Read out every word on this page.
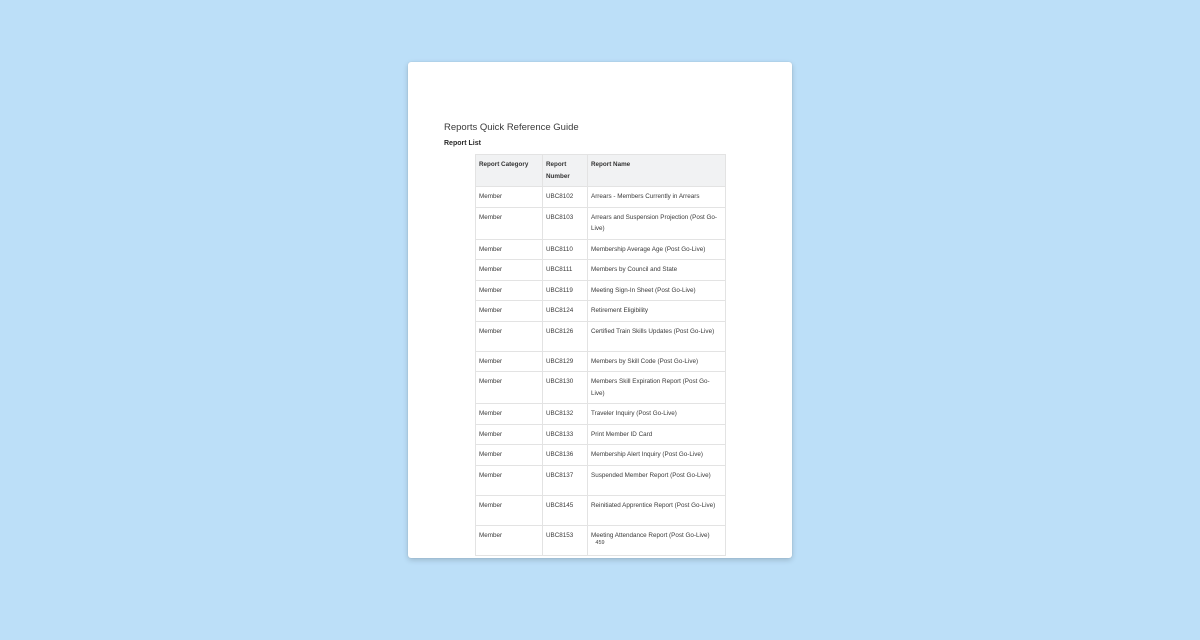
Reports Quick Reference Guide
Report List
Report Category	Report Number	Report Name
Member	UBC8102	Arrears - Members Currently in Arrears
Member	UBC8103	Arrears and Suspension Projection (Post Go-Live)
Member	UBC8110	Membership Average Age (Post Go-Live)
Member	UBC8111	Members by Council and State
Member	UBC8119	Meeting Sign-In Sheet (Post Go-Live)
Member	UBC8124	Retirement Eligibility
Member	UBC8126	Certified Train Skills Updates (Post Go-Live)
Member	UBC8129	Members by Skill Code (Post Go-Live)
Member	UBC8130	Members Skill Expiration Report (Post Go-Live)
Member	UBC8132	Traveler Inquiry (Post Go-Live)
Member	UBC8133	Print Member ID Card
Member	UBC8136	Membership Alert Inquiry (Post Go-Live)
Member	UBC8137	Suspended Member Report (Post Go-Live)
Member	UBC8145	Reinitiated Apprentice Report (Post Go-Live)
Member	UBC8153	Meeting Attendance Report (Post Go-Live)
459
